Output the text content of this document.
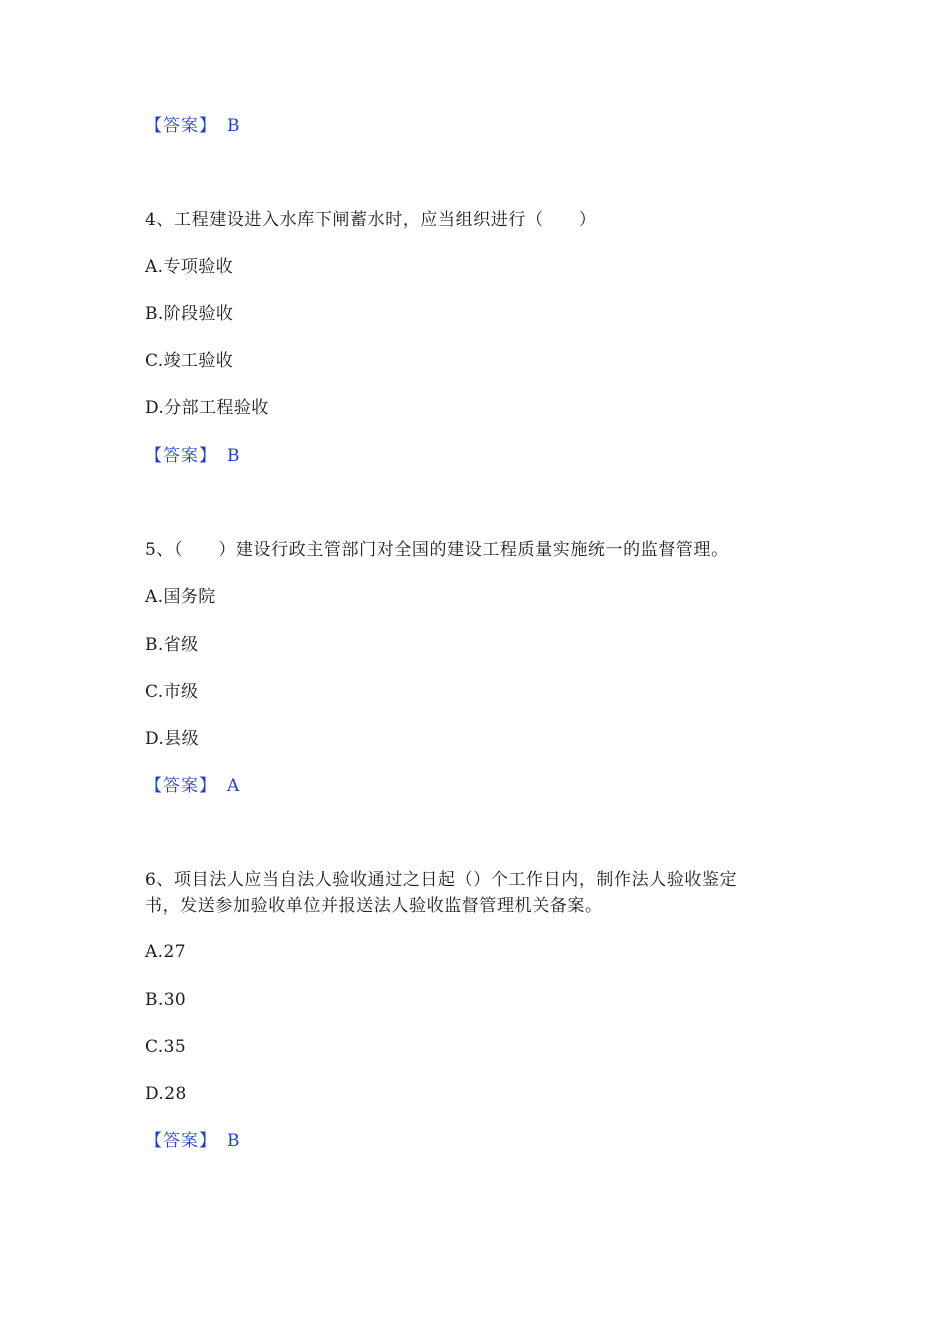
【答案】 B
4、工程建设进入水库下闸蓄水时，应当组织进行（　　）
A.专项验收
B.阶段验收
C.竣工验收
D.分部工程验收
【答案】 B
5、（　　）建设行政主管部门对全国的建设工程质量实施统一的监督管理。
A.国务院
B.省级
C.市级
D.县级
【答案】 A
6、项目法人应当自法人验收通过之日起（）个工作日内，制作法人验收鉴定
书，发送参加验收单位并报送法人验收监督管理机关备案。
A.27
B.30
C.35
D.28
【答案】 B
